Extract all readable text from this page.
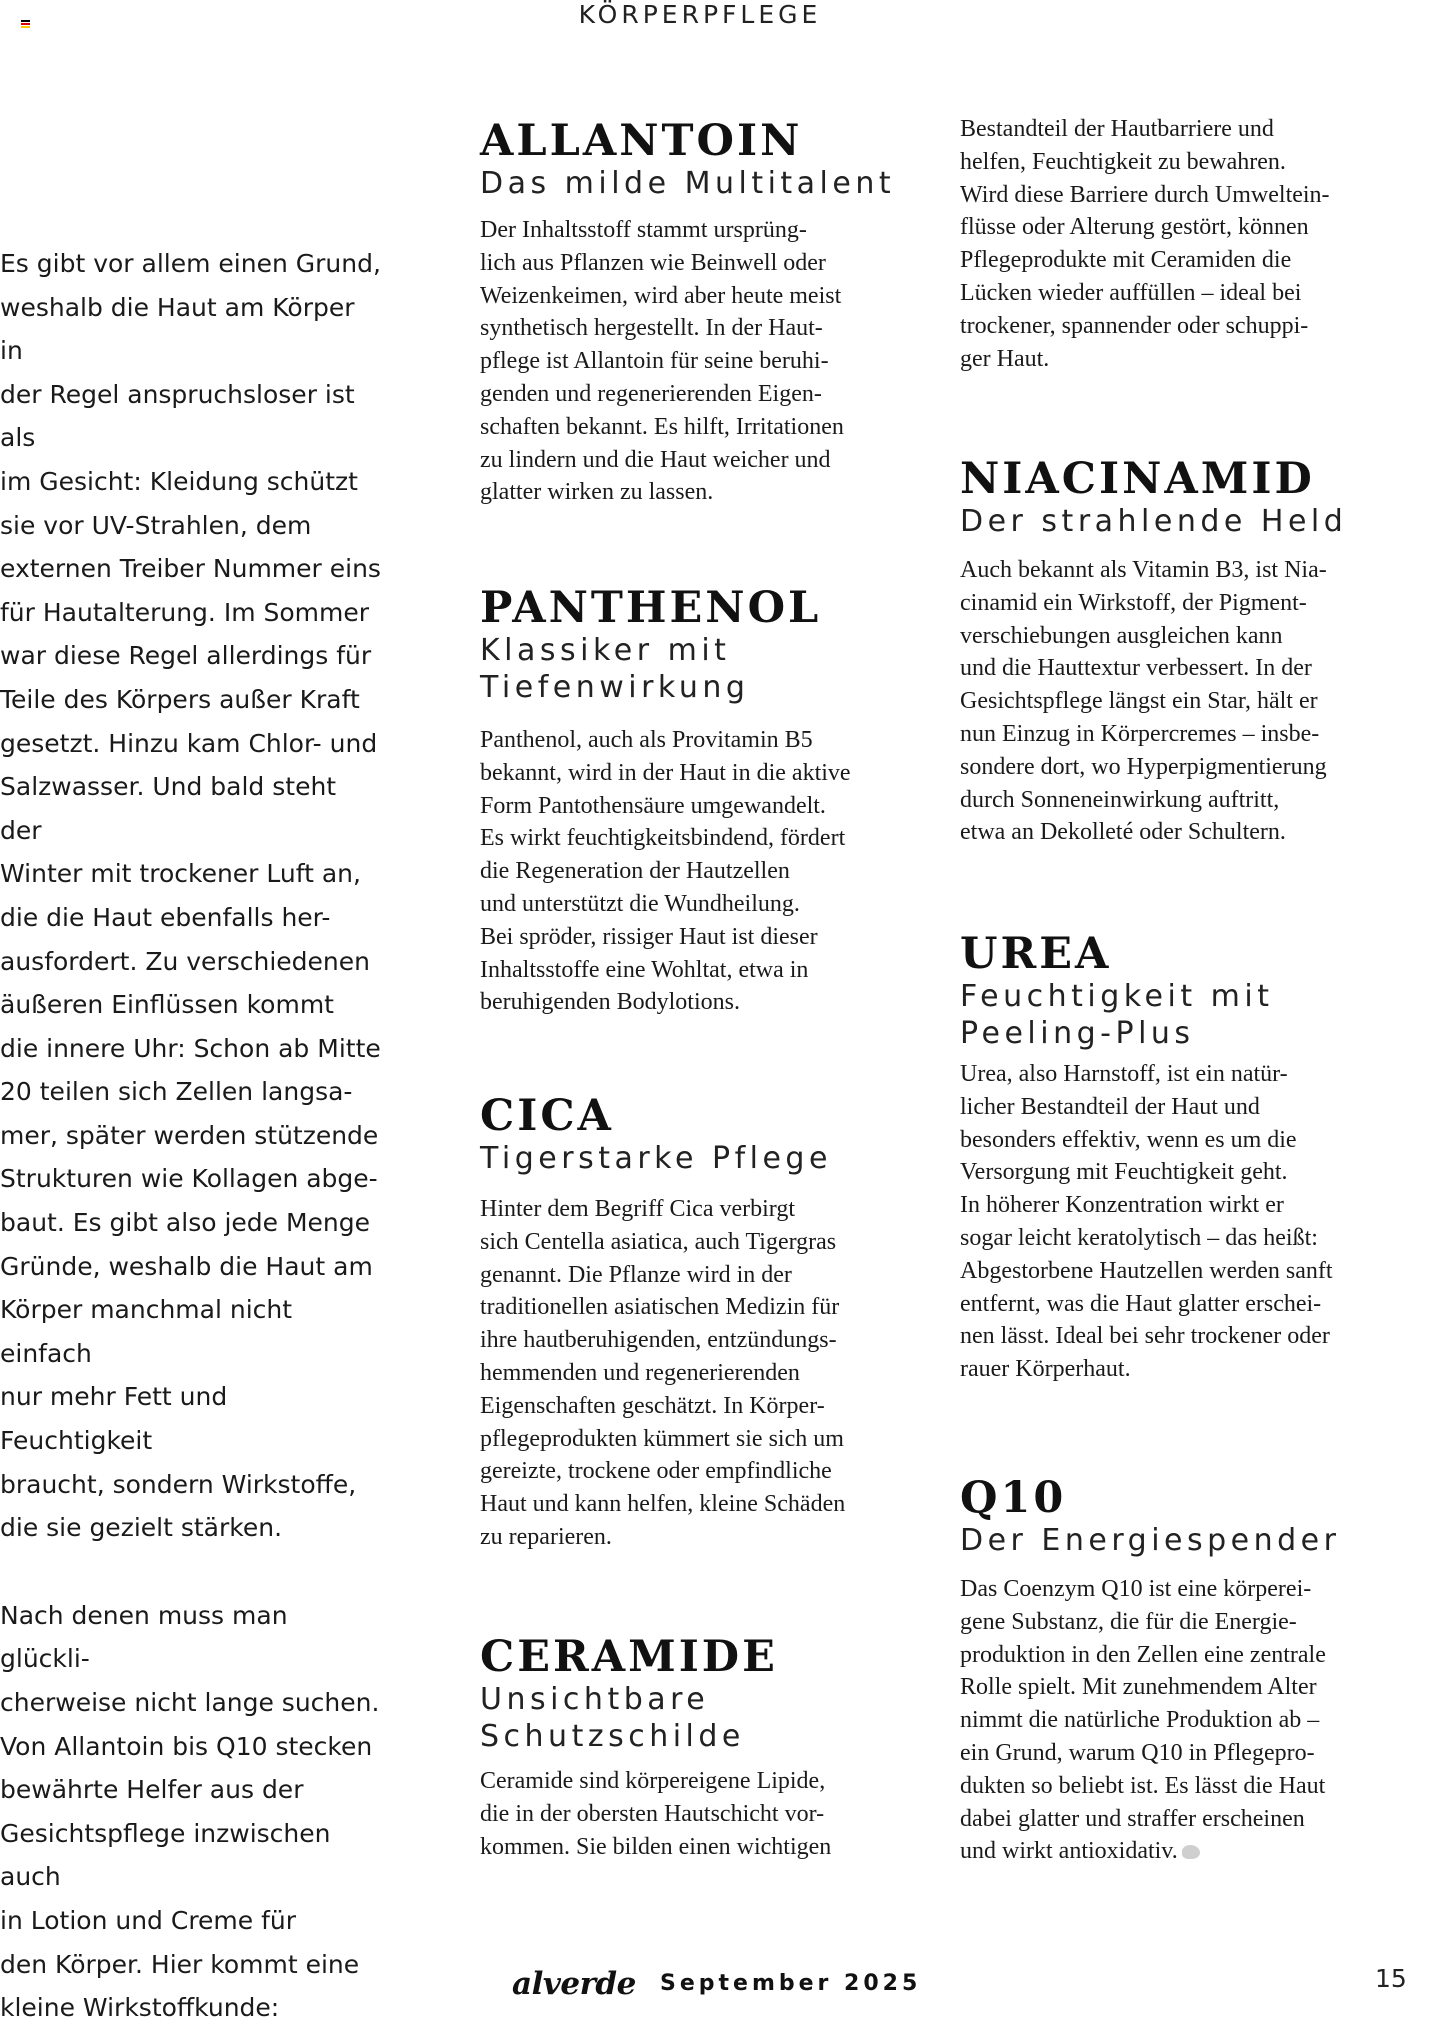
KÖRPERPFLEGE

Es gibt vor allem einen Grund,
weshalb die Haut am Körper in
der Regel anspruchsloser ist als
im Gesicht: Kleidung schützt
sie vor UV-Strahlen, dem
externen Treiber Nummer eins
für Hautalterung. Im Sommer
war diese Regel allerdings für
Teile des Körpers außer Kraft
gesetzt. Hinzu kam Chlor- und
Salzwasser. Und bald steht der
Winter mit trockener Luft an,
die die Haut ebenfalls her-
ausfordert. Zu verschiedenen
äußeren Einflüssen kommt
die innere Uhr: Schon ab Mitte
20 teilen sich Zellen langsa-
mer, später werden stützende
Strukturen wie Kollagen abge-
baut. Es gibt also jede Menge
Gründe, weshalb die Haut am
Körper manchmal nicht einfach
nur mehr Fett und Feuchtigkeit
braucht, sondern Wirkstoffe,
die sie gezielt stärken.

Nach denen muss man glückli-
cherweise nicht lange suchen.
Von Allantoin bis Q10 stecken
bewährte Helfer aus der
Gesichtspflege inzwischen auch
in Lotion und Creme für
den Körper. Hier kommt eine
kleine Wirkstoffkunde:

ALLANTOIN
Das milde Multitalent

Der Inhaltsstoff stammt ursprüng-
lich aus Pflanzen wie Beinwell oder
Weizenkeimen, wird aber heute meist
synthetisch hergestellt. In der Haut-
pflege ist Allantoin für seine beruhi-
genden und regenerierenden Eigen-
schaften bekannt. Es hilft, Irritationen
zu lindern und die Haut weicher und
glatter wirken zu lassen.

PANTHENOL
Klassiker mit
Tiefenwirkung

Panthenol, auch als Provitamin B5
bekannt, wird in der Haut in die aktive
Form Pantothensäure umgewandelt.
Es wirkt feuchtigkeitsbindend, fördert
die Regeneration der Hautzellen
und unterstützt die Wundheilung.
Bei spröder, rissiger Haut ist dieser
Inhaltsstoffe eine Wohltat, etwa in
beruhigenden Bodylotions.

CICA
Tigerstarke Pflege

Hinter dem Begriff Cica verbirgt
sich Centella asiatica, auch Tigergras
genannt. Die Pflanze wird in der
traditionellen asiatischen Medizin für
ihre hautberuhigenden, entzündungs-
hemmenden und regenerierenden
Eigenschaften geschätzt. In Körper-
pflegeprodukten kümmert sie sich um
gereizte, trockene oder empfindliche
Haut und kann helfen, kleine Schäden
zu reparieren.

CERAMIDE
Unsichtbare
Schutzschilde

Ceramide sind körpereigene Lipide,
die in der obersten Hautschicht vor-
kommen. Sie bilden einen wichtigen

Bestandteil der Hautbarriere und
helfen, Feuchtigkeit zu bewahren.
Wird diese Barriere durch Umweltein-
flüsse oder Alterung gestört, können
Pflegeprodukte mit Ceramiden die
Lücken wieder auffüllen – ideal bei
trockener, spannender oder schuppi-
ger Haut.

NIACINAMID
Der strahlende Held

Auch bekannt als Vitamin B3, ist Nia-
cinamid ein Wirkstoff, der Pigment-
verschiebungen ausgleichen kann
und die Hauttextur verbessert. In der
Gesichtspflege längst ein Star, hält er
nun Einzug in Körpercremes – insbe-
sondere dort, wo Hyperpigmentierung
durch Sonneneinwirkung auftritt,
etwa an Dekolleté oder Schultern.

UREA
Feuchtigkeit mit
Peeling-Plus

Urea, also Harnstoff, ist ein natür-
licher Bestandteil der Haut und
besonders effektiv, wenn es um die
Versorgung mit Feuchtigkeit geht.
In höherer Konzentration wirkt er
sogar leicht keratolytisch – das heißt:
Abgestorbene Hautzellen werden sanft
entfernt, was die Haut glatter erschei-
nen lässt. Ideal bei sehr trockener oder
rauer Körperhaut.

Q10
Der Energiespender

Das Coenzym Q10 ist eine körperei-
gene Substanz, die für die Energie-
produktion in den Zellen eine zentrale
Rolle spielt. Mit zunehmendem Alter
nimmt die natürliche Produktion ab –
ein Grund, warum Q10 in Pflegepro-
dukten so beliebt ist. Es lässt die Haut
dabei glatter und straffer erscheinen
und wirkt antioxidativ.

alverde September 2025	15
